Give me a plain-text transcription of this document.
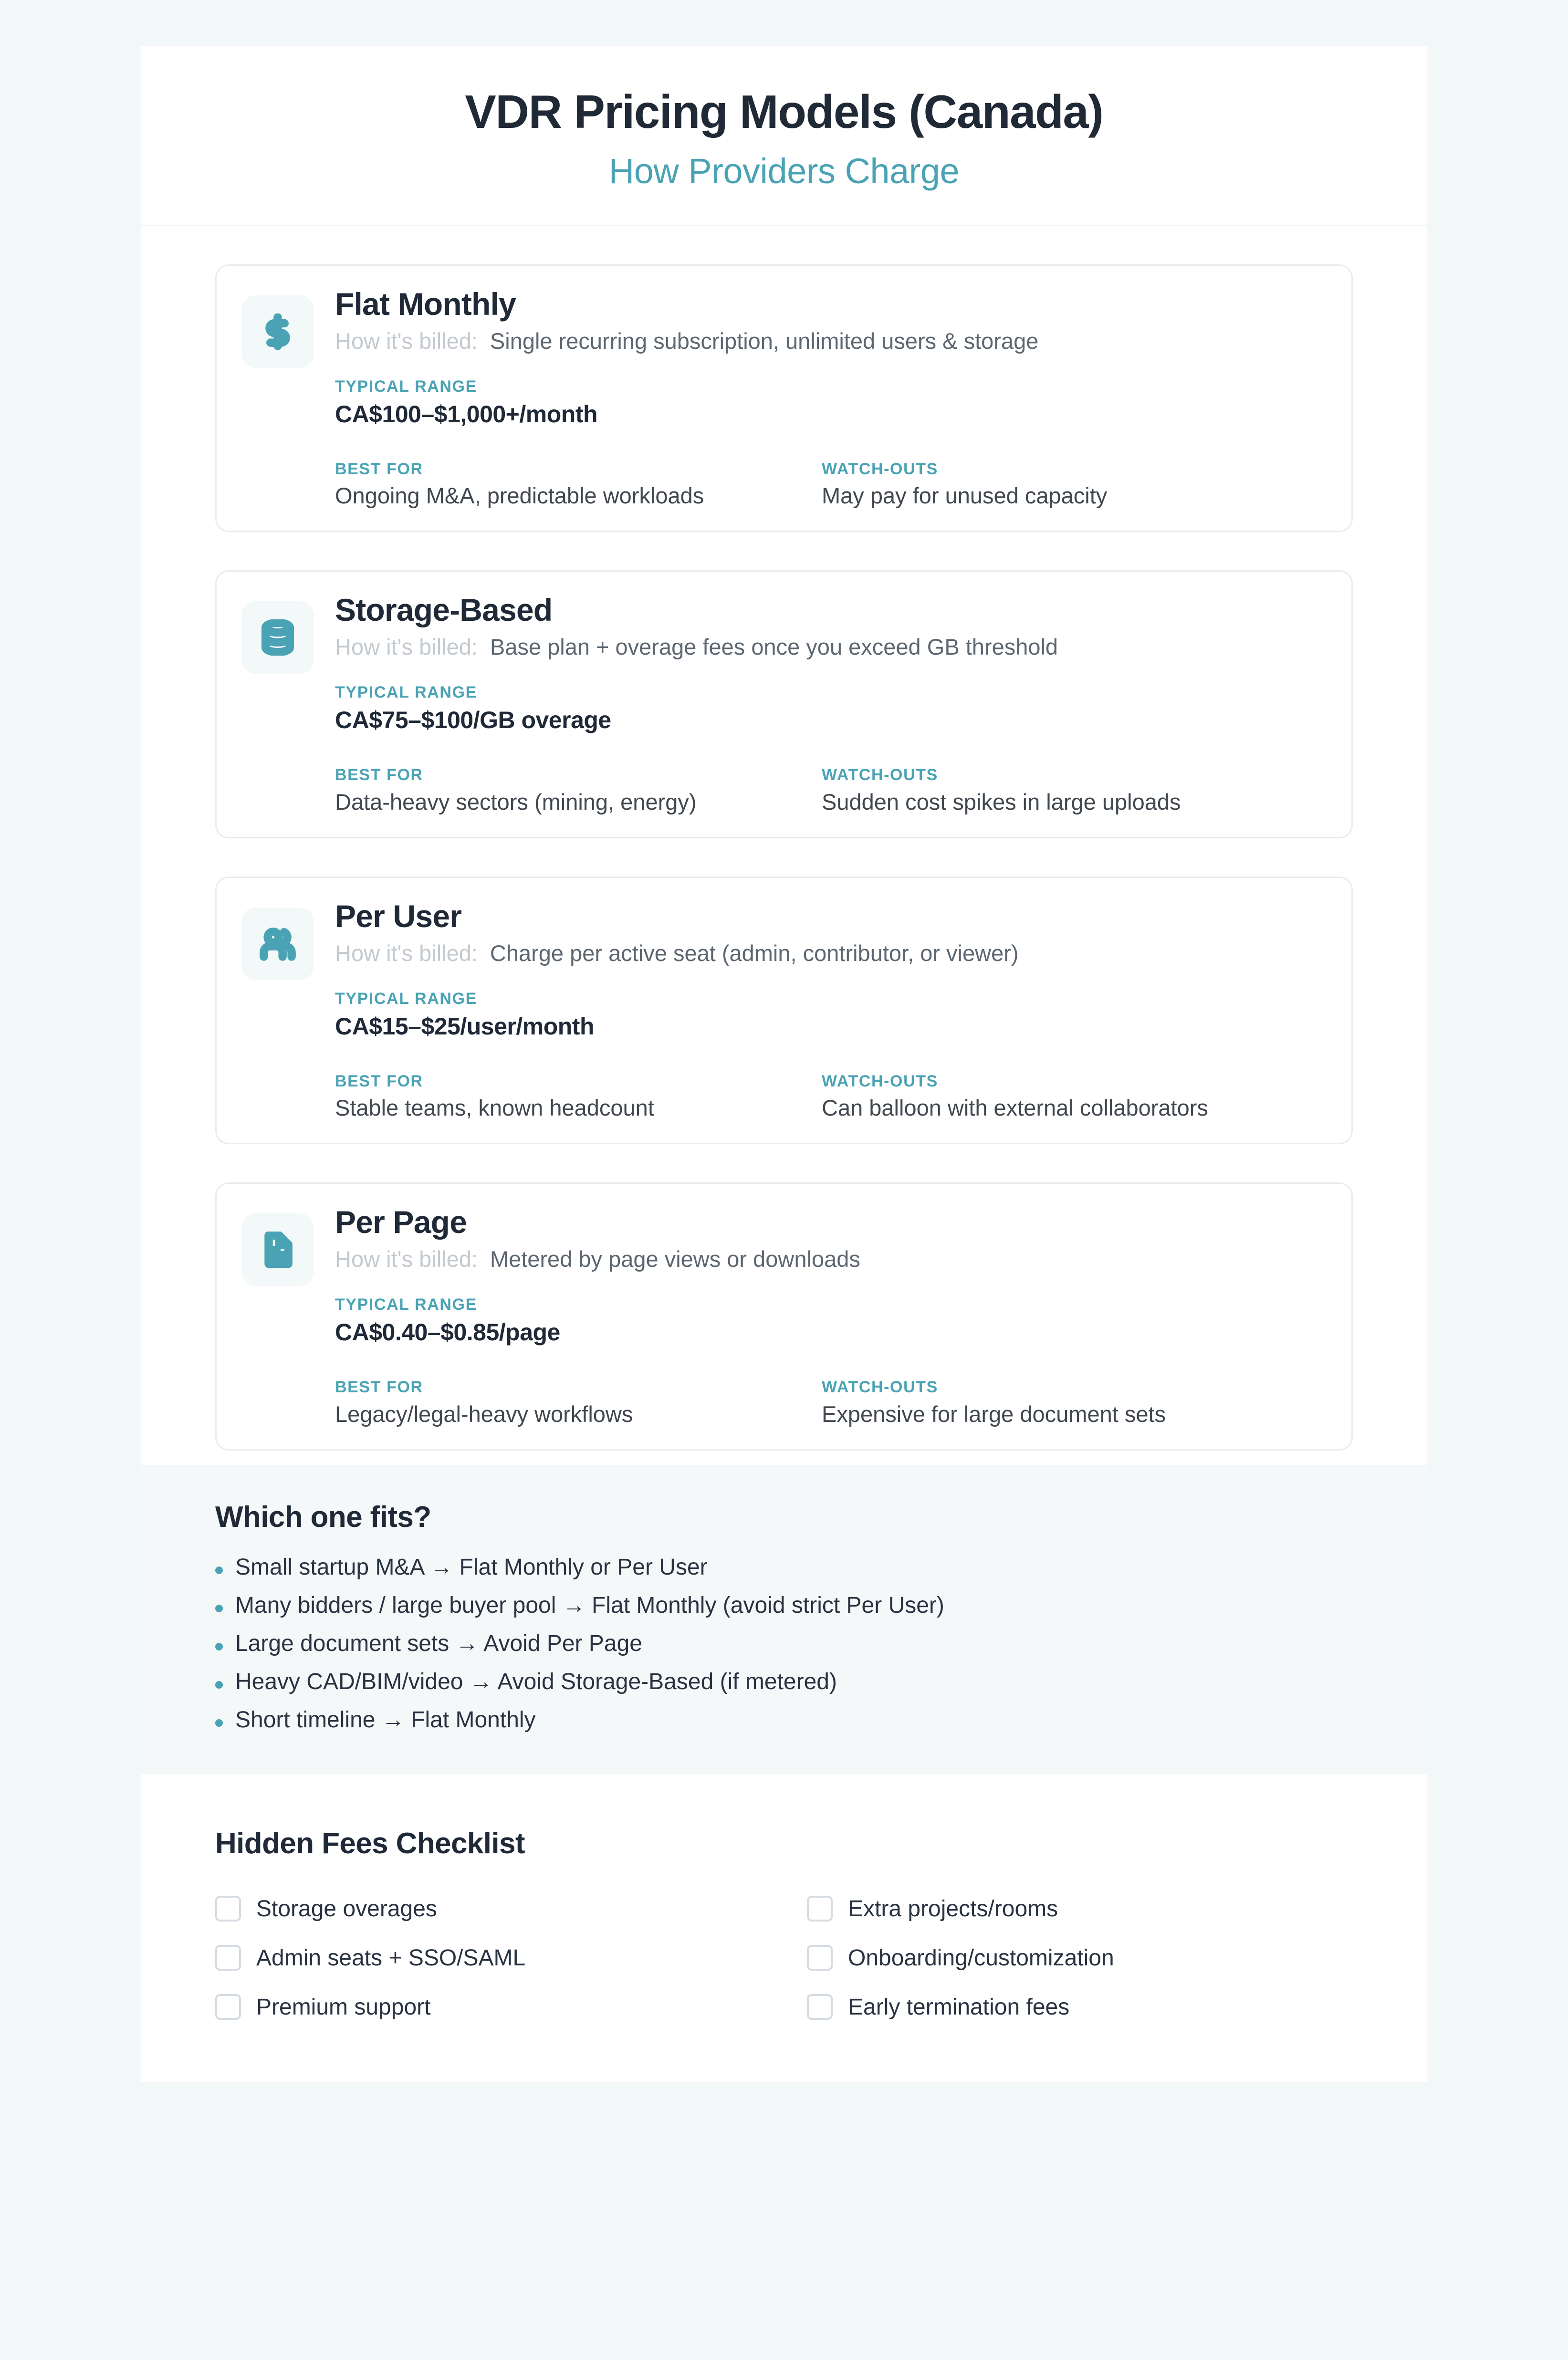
VDR Pricing Models (Canada)
How Providers Charge
Flat Monthly
How it's billed: Single recurring subscription, unlimited users & storage
TYPICAL RANGE
CA$100–$1,000+/month
BEST FOR
Ongoing M&A, predictable workloads
WATCH-OUTS
May pay for unused capacity
Storage-Based
How it's billed: Base plan + overage fees once you exceed GB threshold
TYPICAL RANGE
CA$75–$100/GB overage
BEST FOR
Data-heavy sectors (mining, energy)
WATCH-OUTS
Sudden cost spikes in large uploads
Per User
How it's billed: Charge per active seat (admin, contributor, or viewer)
TYPICAL RANGE
CA$15–$25/user/month
BEST FOR
Stable teams, known headcount
WATCH-OUTS
Can balloon with external collaborators
Per Page
How it's billed: Metered by page views or downloads
TYPICAL RANGE
CA$0.40–$0.85/page
BEST FOR
Legacy/legal-heavy workflows
WATCH-OUTS
Expensive for large document sets
Which one fits?
Small startup M&A → Flat Monthly or Per User
Many bidders / large buyer pool → Flat Monthly (avoid strict Per User)
Large document sets → Avoid Per Page
Heavy CAD/BIM/video → Avoid Storage-Based (if metered)
Short timeline → Flat Monthly
Hidden Fees Checklist
Storage overages	Extra projects/rooms
Admin seats + SSO/SAML	Onboarding/customization
Premium support	Early termination fees
